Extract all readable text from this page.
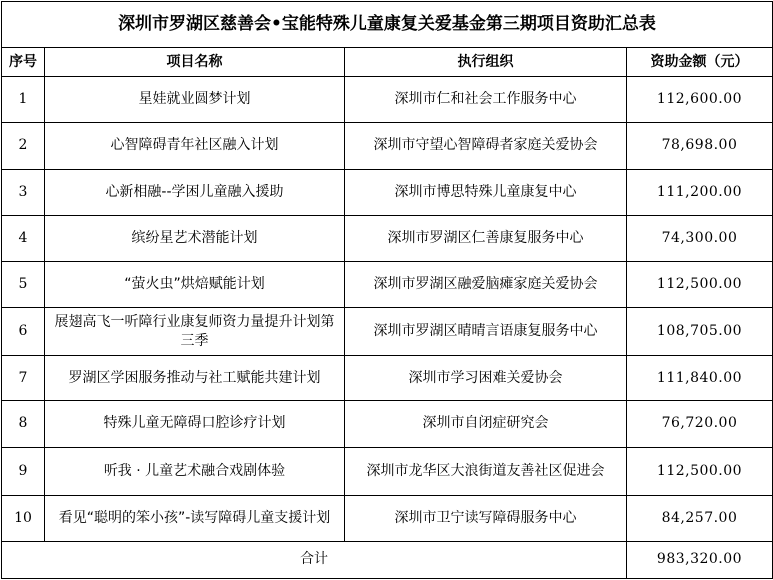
深圳市罗湖区慈善会•宝能特殊儿童康复关爱基金第三期项目资助汇总表			
序号	项目名称	执行组织	资助金额（元）
1	星娃就业圆梦计划	深圳市仁和社会工作服务中心	112,600.00
2	心智障碍青年社区融入计划	深圳市守望心智障碍者家庭关爱协会	78,698.00
3	心新相融--学困儿童融入援助	深圳市博思特殊儿童康复中心	111,200.00
4	缤纷星艺术潜能计划	深圳市罗湖区仁善康复服务中心	74,300.00
5	“萤火虫”烘焙赋能计划	深圳市罗湖区融爱脑瘫家庭关爱协会	112,500.00
6	展翅高飞一听障行业康复师资力量提升计划第三季	深圳市罗湖区晴晴言语康复服务中心	108,705.00
7	罗湖区学困服务推动与社工赋能共建计划	深圳市学习困难关爱协会	111,840.00
8	特殊儿童无障碍口腔诊疗计划	深圳市自闭症研究会	76,720.00
9	听我 · 儿童艺术融合戏剧体验	深圳市龙华区大浪街道友善社区促进会	112,500.00
10	看见“聪明的笨小孩”-读写障碍儿童支援计划	深圳市卫宁读写障碍服务中心	84,257.00
合计			983,320.00
